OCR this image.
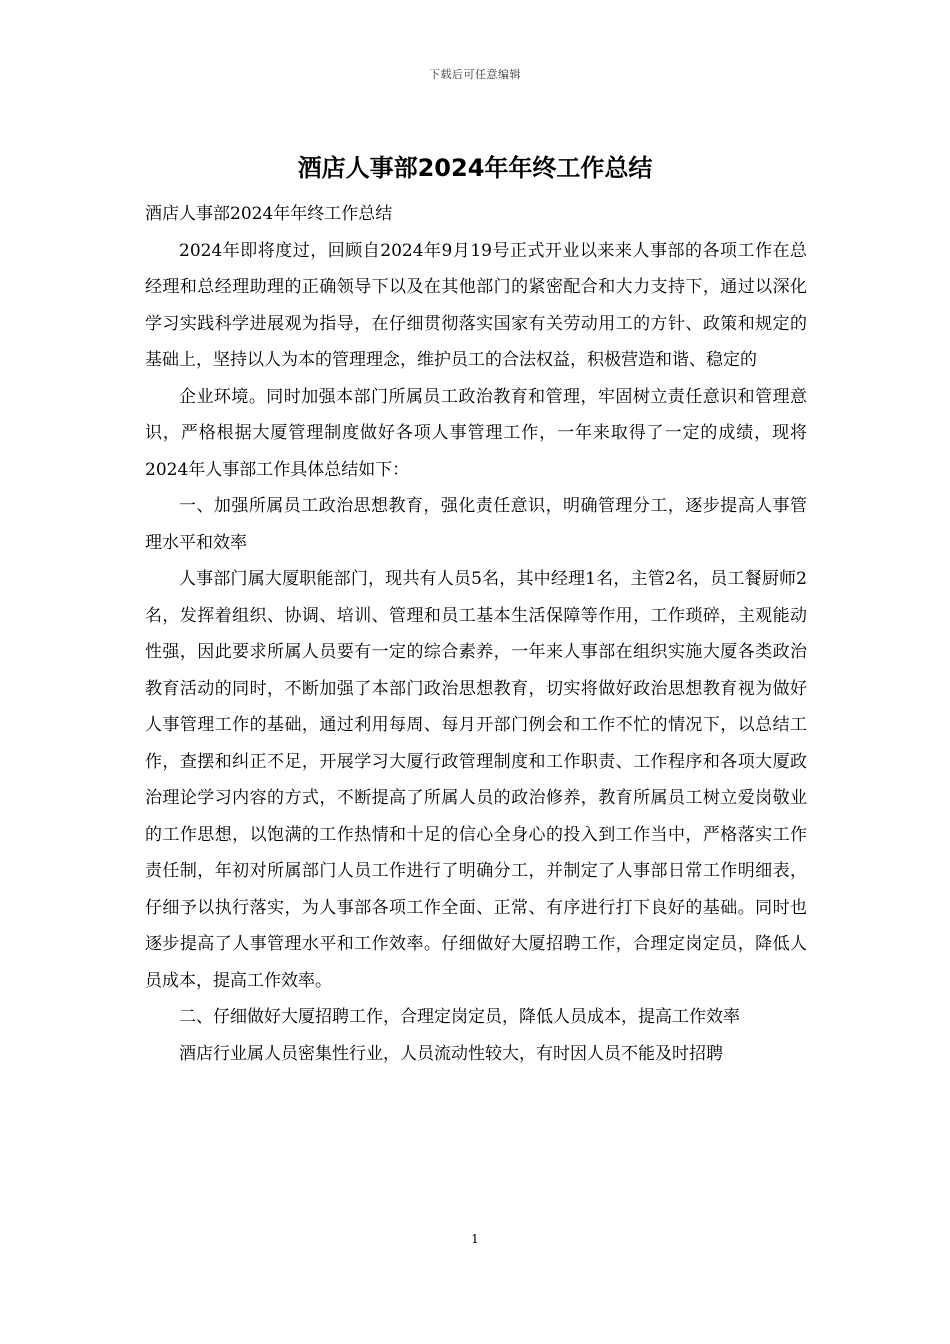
下载后可任意编辑
酒店人事部2024年年终工作总结

酒店人事部2024年年终工作总结

2024年即将度过，回顾自2024年9月19号正式开业以来来人事部的各项工作在总经理和总经理助理的正确领导下以及在其他部门的紧密配合和大力支持下，通过以深化学习实践科学进展观为指导，在仔细贯彻落实国家有关劳动用工的方针、政策和规定的基础上，坚持以人为本的管理理念，维护员工的合法权益，积极营造和谐、稳定的

企业环境。同时加强本部门所属员工政治教育和管理，牢固树立责任意识和管理意识，严格根据大厦管理制度做好各项人事管理工作，一年来取得了一定的成绩，现将2024年人事部工作具体总结如下：

一、加强所属员工政治思想教育，强化责任意识，明确管理分工，逐步提高人事管理水平和效率

人事部门属大厦职能部门，现共有人员5名，其中经理1名，主管2名，员工餐厨师2名，发挥着组织、协调、培训、管理和员工基本生活保障等作用，工作琐碎，主观能动性强，因此要求所属人员要有一定的综合素养，一年来人事部在组织实施大厦各类政治教育活动的同时，不断加强了本部门政治思想教育，切实将做好政治思想教育视为做好人事管理工作的基础，通过利用每周、每月开部门例会和工作不忙的情况下，以总结工作，查摆和纠正不足，开展学习大厦行政管理制度和工作职责、工作程序和各项大厦政治理论学习内容的方式，不断提高了所属人员的政治修养，教育所属员工树立爱岗敬业的工作思想，以饱满的工作热情和十足的信心全身心的投入到工作当中，严格落实工作责任制，年初对所属部门人员工作进行了明确分工，并制定了人事部日常工作明细表，仔细予以执行落实，为人事部各项工作全面、正常、有序进行打下良好的基础。同时也逐步提高了人事管理水平和工作效率。仔细做好大厦招聘工作，合理定岗定员，降低人员成本，提高工作效率。

二、仔细做好大厦招聘工作，合理定岗定员，降低人员成本，提高工作效率

酒店行业属人员密集性行业，人员流动性较大，有时因人员不能及时招聘

1
